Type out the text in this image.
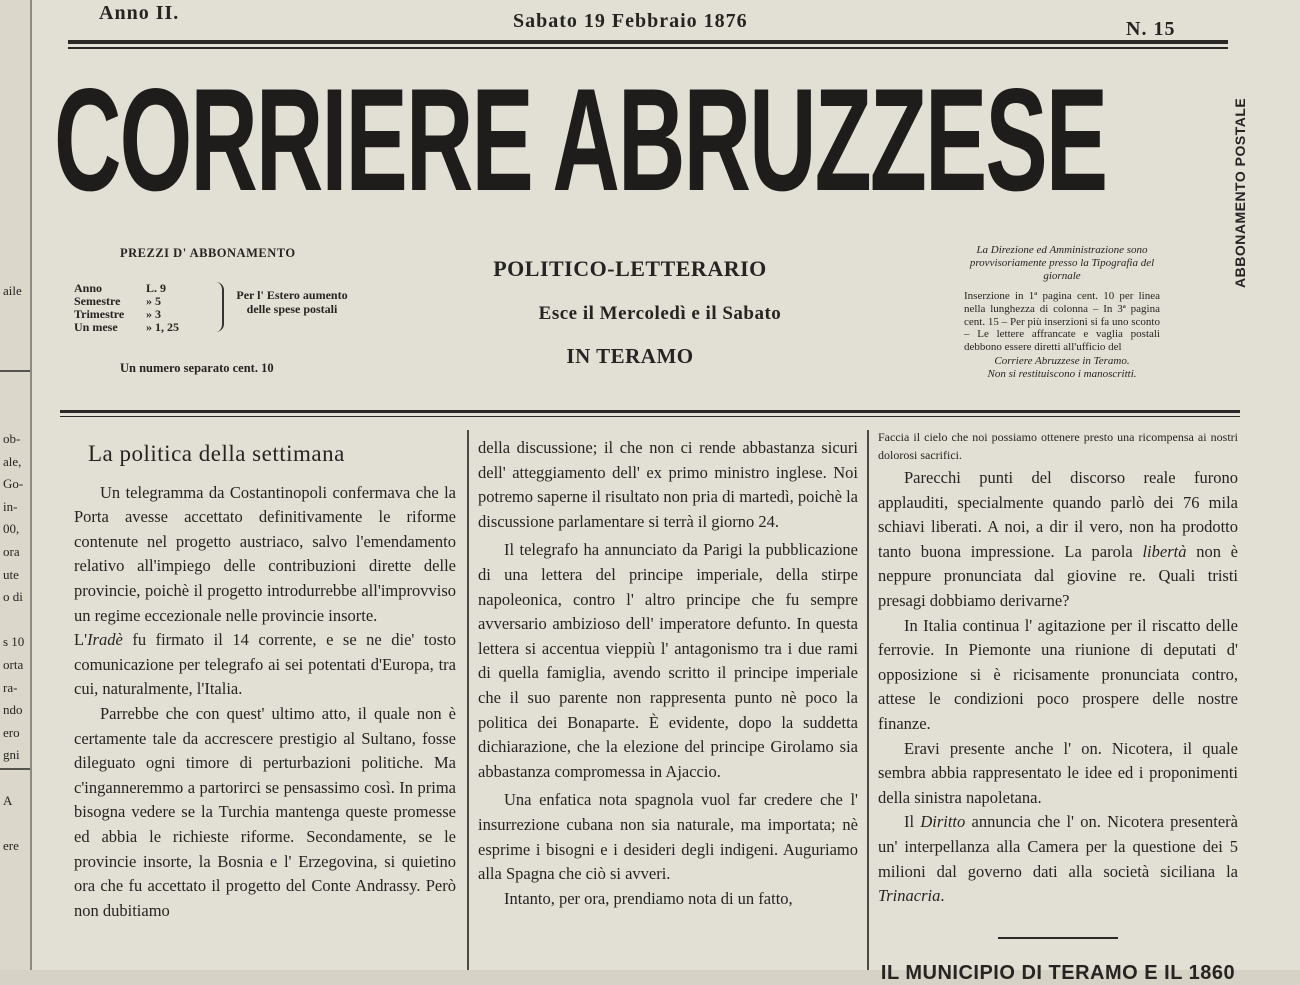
aile
ob-
ale,
Go-
in-
00,
ora
ute
o di

s 10
orta
ra-
ndo
ero
gni
A

ere
Anno II.	Sabato 19 Febbraio 1876	N. 15
CORRIERE ABRUZZESE	ABBONAMENTO POSTALE
PREZZI D' ABBONAMENTO
Anno	L. 9
Semestre » 5
Trimestre » 3
Un mese » 1, 25
Per l' Estero aumento delle spese postali
Un numero separato cent. 10
POLITICO-LETTERARIO
Esce il Mercoledì e il Sabato
IN TERAMO
La Direzione ed Amministrazione sono provvisoriamente presso la Tipografia del giornale
Inserzione in 1ª pagina cent. 10 per linea nella lunghezza di colonna – In 3ª pagina cent. 15 – Per più inserzioni si fa uno sconto – Le lettere affrancate e vaglia postali debbono essere diretti all'ufficio del
Corriere Abruzzese in Teramo.
Non si restituiscono i manoscritti.
La politica della settimana

Un telegramma da Costantinopoli confermava che la Porta avesse accettato definitivamente le riforme contenute nel progetto austriaco, salvo l'emendamento relativo all'impiego delle contribuzioni dirette delle provincie, poichè il progetto introdurrebbe all'improvviso un regime eccezionale nelle provincie insorte.

L'Iradè fu firmato il 14 corrente, e se ne die' tosto comunicazione per telegrafo ai sei potentati d'Europa, tra cui, naturalmente, l'Italia.

Parrebbe che con quest' ultimo atto, il quale non è certamente tale da accrescere prestigio al Sultano, fosse dileguato ogni timore di perturbazioni politiche. Ma c'inganneremmo a partorirci se pensassimo così. In prima bisogna vedere se la Turchia mantenga queste promesse ed abbia le richieste riforme. Secondamente, se le provincie insorte, la Bosnia e l' Erzegovina, si quietino ora che fu accettato il progetto del Conte Andrassy. Però non dubitiamo

della discussione; il che non ci rende abbastanza sicuri dell' atteggiamento dell' ex primo ministro inglese. Noi potremo saperne il risultato non pria di martedì, poichè la discussione parlamentare si terrà il giorno 24.

Il telegrafo ha annunciato da Parigi la pubblicazione di una lettera del principe imperiale, della stirpe napoleonica, contro l' altro principe che fu sempre avversario ambizioso dell' imperatore defunto. In questa lettera si accentua vieppiù l' antagonismo tra i due rami di quella famiglia, avendo scritto il principe imperiale che il suo parente non rappresenta punto nè poco la politica dei Bonaparte. È evidente, dopo la suddetta dichiarazione, che la elezione del principe Girolamo sia abbastanza compromessa in Ajaccio.

Una enfatica nota spagnola vuol far credere che l' insurrezione cubana non sia naturale, ma importata; nè esprime i bisogni e i desideri degli indigeni. Auguriamo alla Spagna che ciò si avveri.

Intanto, per ora, prendiamo nota di un fatto,

Faccia il cielo che noi possiamo ottenere presto una ricompensa ai nostri dolorosi sacrifici.

Parecchi punti del discorso reale furono applauditi, specialmente quando parlò dei 76 mila schiavi liberati. A noi, a dir il vero, non ha prodotto tanto buona impressione. La parola libertà non è neppure pronunciata dal giovine re. Quali tristi presagi dobbiamo derivarne?

In Italia continua l' agitazione per il riscatto delle ferrovie. In Piemonte una riunione di deputati d' opposizione si è ricisamente pronunciata contro, attese le condizioni poco prospere delle nostre finanze.

Eravi presente anche l' on. Nicotera, il quale sembra abbia rappresentato le idee ed i proponimenti della sinistra napoletana.

Il Diritto annuncia che l' on. Nicotera presenterà un' interpellanza alla Camera per la questione dei 5 milioni dal governo dati alla società siciliana la Trinacria.

IL MUNICIPIO DI TERAMO E IL 1860
